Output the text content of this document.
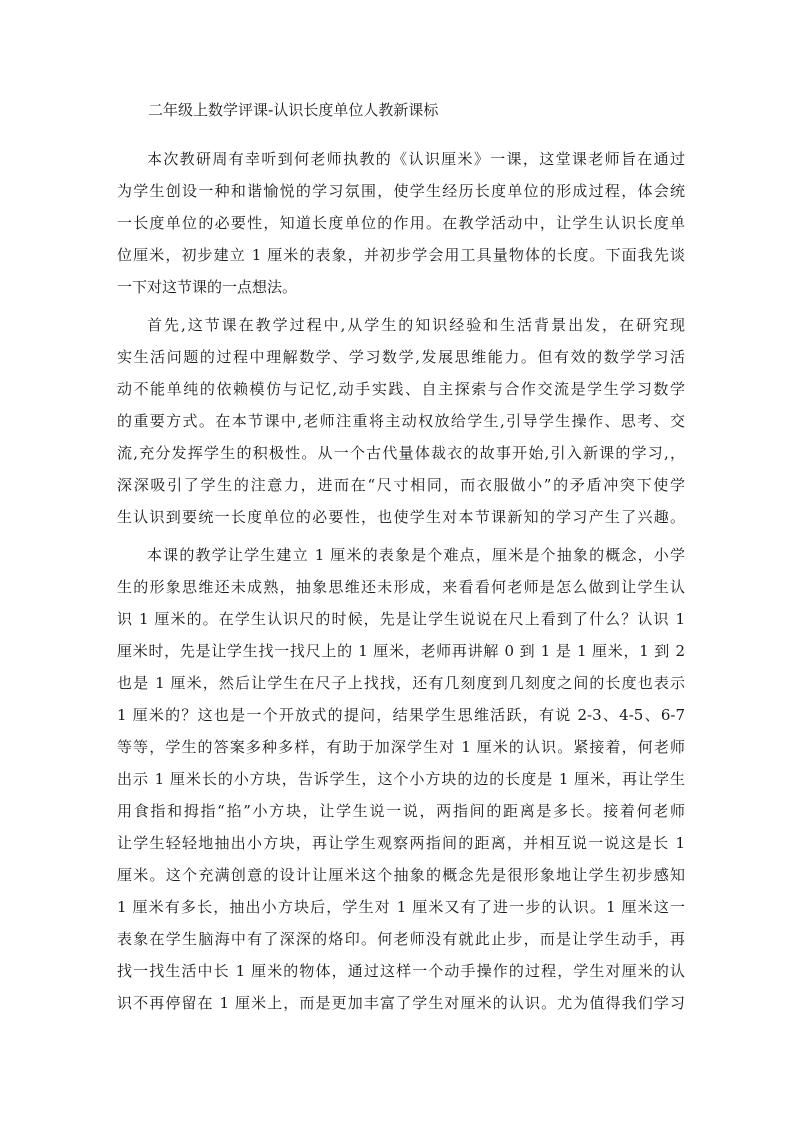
二年级上数学评课-认识长度单位人教新课标
本次教研周有幸听到何老师执教的《认识厘米》一课，这堂课老师旨在通过
为学生创设一种和谐愉悦的学习氛围，使学生经历长度单位的形成过程，体会统
一长度单位的必要性，知道长度单位的作用。在教学活动中，让学生认识长度单
位厘米，初步建立 1 厘米的表象，并初步学会用工具量物体的长度。下面我先谈
一下对这节课的一点想法。
首先,这节课在教学过程中,从学生的知识经验和生活背景出发，在研究现
实生活问题的过程中理解数学、学习数学,发展思维能力。但有效的数学学习活
动不能单纯的依赖模仿与记忆,动手实践、自主探索与合作交流是学生学习数学
的重要方式。在本节课中,老师注重将主动权放给学生,引导学生操作、思考、交
流,充分发挥学生的积极性。从一个古代量体裁衣的故事开始,引入新课的学习,，
深深吸引了学生的注意力，进而在“尺寸相同，而衣服做小”的矛盾冲突下使学
生认识到要统一长度单位的必要性，也使学生对本节课新知的学习产生了兴趣。
本课的教学让学生建立 1 厘米的表象是个难点，厘米是个抽象的概念，小学
生的形象思维还未成熟，抽象思维还未形成，来看看何老师是怎么做到让学生认
识 1 厘米的。在学生认识尺的时候，先是让学生说说在尺上看到了什么？认识 1
厘米时，先是让学生找一找尺上的 1 厘米，老师再讲解 0 到 1 是 1 厘米，1 到 2
也是 1 厘米，然后让学生在尺子上找找，还有几刻度到几刻度之间的长度也表示
1 厘米的？这也是一个开放式的提问，结果学生思维活跃，有说 2-3、4-5、6-7
等等，学生的答案多种多样，有助于加深学生对 1 厘米的认识。紧接着，何老师
出示 1 厘米长的小方块，告诉学生，这个小方块的边的长度是 1 厘米，再让学生
用食指和拇指“掐”小方块，让学生说一说，两指间的距离是多长。接着何老师
让学生轻轻地抽出小方块，再让学生观察两指间的距离，并相互说一说这是长 1
厘米。这个充满创意的设计让厘米这个抽象的概念先是很形象地让学生初步感知
1 厘米有多长，抽出小方块后，学生对 1 厘米又有了进一步的认识。1 厘米这一
表象在学生脑海中有了深深的烙印。何老师没有就此止步，而是让学生动手，再
找一找生活中长 1 厘米的物体，通过这样一个动手操作的过程，学生对厘米的认
识不再停留在 1 厘米上，而是更加丰富了学生对厘米的认识。尤为值得我们学习
